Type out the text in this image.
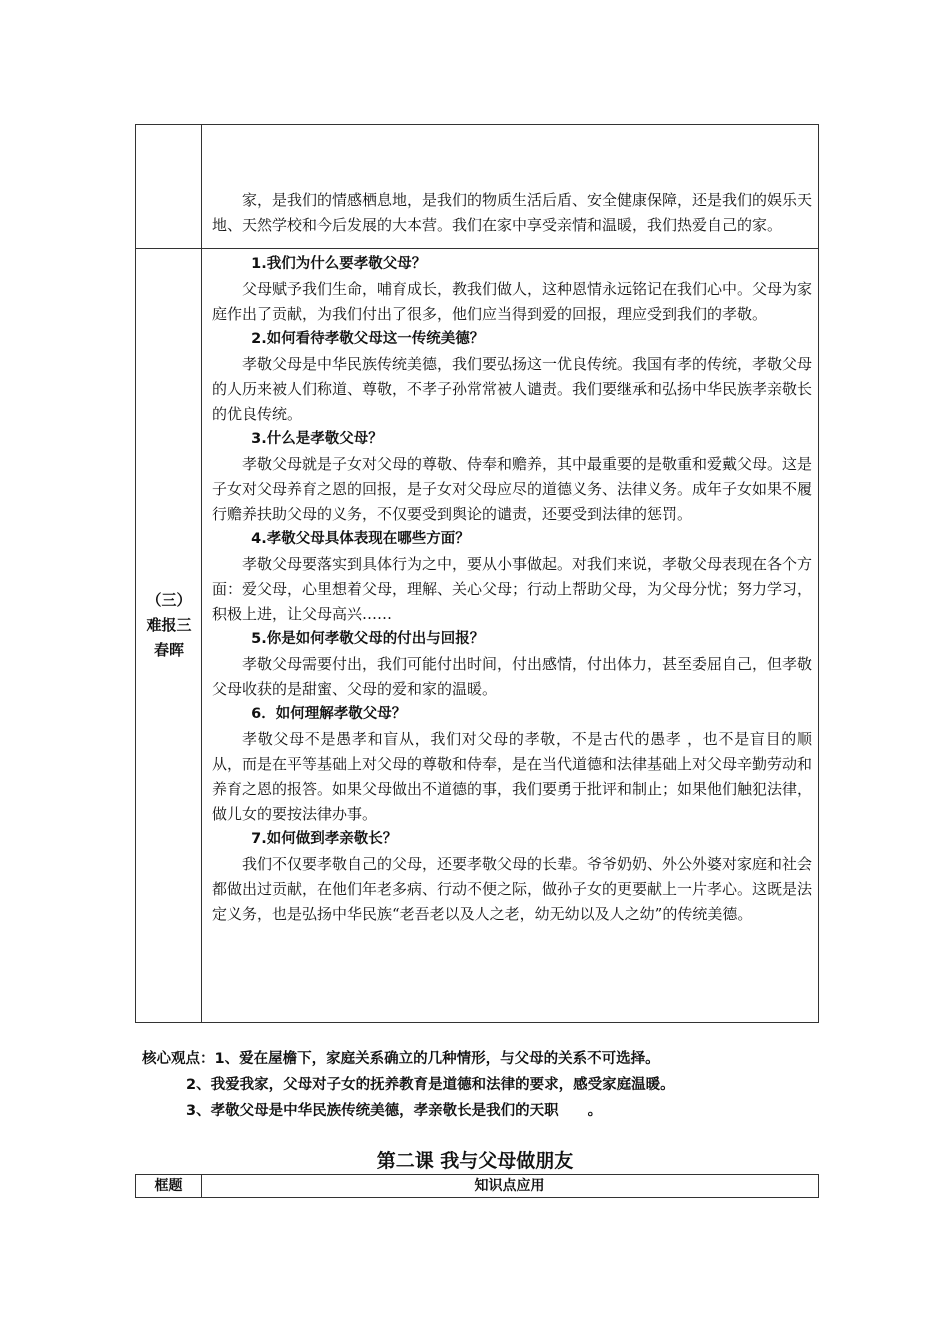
家，是我们的情感栖息地，是我们的物质生活后盾、安全健康保障，还是我们的娱乐天地、天然学校和今后发展的大本营。我们在家中享受亲情和温暖，我们热爱自己的家。
（三）
难报三
春晖
1.我们为什么要孝敬父母？
父母赋予我们生命，哺育成长，教我们做人，这种恩情永远铭记在我们心中。父母为家庭作出了贡献，为我们付出了很多，他们应当得到爱的回报，理应受到我们的孝敬。
2.如何看待孝敬父母这一传统美德？
孝敬父母是中华民族传统美德，我们要弘扬这一优良传统。我国有孝的传统，孝敬父母的人历来被人们称道、尊敬，不孝子孙常常被人谴责。我们要继承和弘扬中华民族孝亲敬长的优良传统。
3.什么是孝敬父母？
孝敬父母就是子女对父母的尊敬、侍奉和赡养，其中最重要的是敬重和爱戴父母。这是子女对父母养育之恩的回报，是子女对父母应尽的道德义务、法律义务。成年子女如果不履行赡养扶助父母的义务，不仅要受到舆论的谴责，还要受到法律的惩罚。
4.孝敬父母具体表现在哪些方面？
孝敬父母要落实到具体行为之中，要从小事做起。对我们来说，孝敬父母表现在各个方面：爱父母，心里想着父母，理解、关心父母；行动上帮助父母，为父母分忧；努力学习，积极上进，让父母高兴……
5.你是如何孝敬父母的付出与回报？
孝敬父母需要付出，我们可能付出时间，付出感情，付出体力，甚至委屈自己，但孝敬父母收获的是甜蜜、父母的爱和家的温暖。
6．如何理解孝敬父母？
孝敬父母不是愚孝和盲从，我们对父母的孝敬，不是古代的愚孝 ，也不是盲目的顺从，而是在平等基础上对父母的尊敬和侍奉，是在当代道德和法律基础上对父母辛勤劳动和养育之恩的报答。如果父母做出不道德的事，我们要勇于批评和制止；如果他们触犯法律，做儿女的要按法律办事。
7.如何做到孝亲敬长？
我们不仅要孝敬自己的父母，还要孝敬父母的长辈。爷爷奶奶、外公外婆对家庭和社会都做出过贡献，在他们年老多病、行动不便之际，做孙子女的更要献上一片孝心。这既是法定义务，也是弘扬中华民族“老吾老以及人之老，幼无幼以及人之幼”的传统美德。
核心观点：1、爱在屋檐下，家庭关系确立的几种情形，与父母的关系不可选择。
2、我爱我家，父母对子女的抚养教育是道德和法律的要求，感受家庭温暖。
3、孝敬父母是中华民族传统美德，孝亲敬长是我们的天职　　。
第二课 我与父母做朋友
框题	知识点应用
